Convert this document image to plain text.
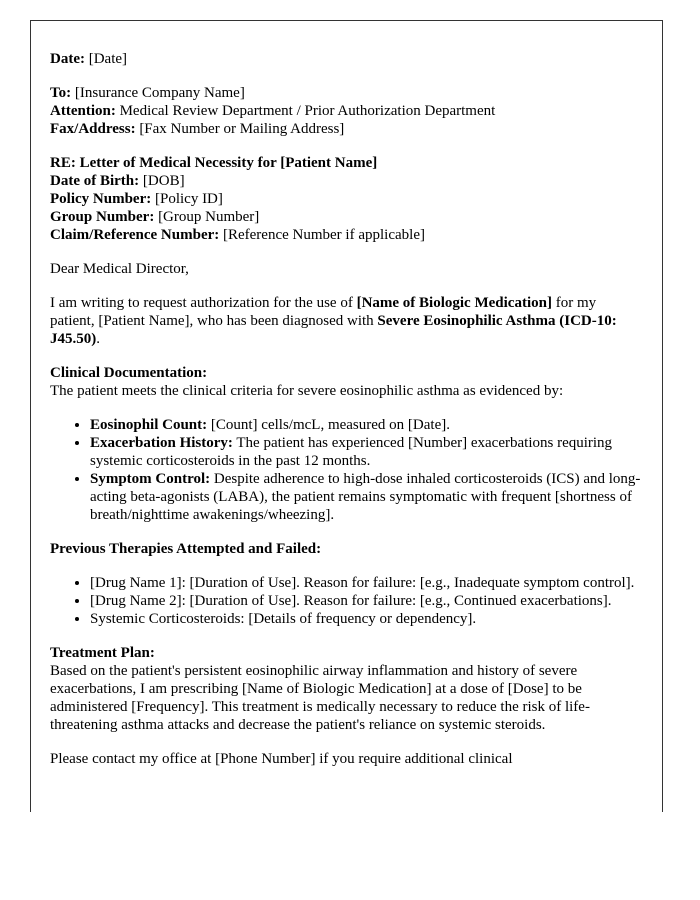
Date: [Date]

To: [Insurance Company Name]
Attention: Medical Review Department / Prior Authorization Department
Fax/Address: [Fax Number or Mailing Address]

RE: Letter of Medical Necessity for [Patient Name]
Date of Birth: [DOB]
Policy Number: [Policy ID]
Group Number: [Group Number]
Claim/Reference Number: [Reference Number if applicable]

Dear Medical Director,

I am writing to request authorization for the use of [Name of Biologic Medication] for my patient, [Patient Name], who has been diagnosed with Severe Eosinophilic Asthma (ICD-10: J45.50).

Clinical Documentation:
The patient meets the clinical criteria for severe eosinophilic asthma as evidenced by:

• Eosinophil Count: [Count] cells/mcL, measured on [Date].
• Exacerbation History: The patient has experienced [Number] exacerbations requiring systemic corticosteroids in the past 12 months.
• Symptom Control: Despite adherence to high-dose inhaled corticosteroids (ICS) and long-acting beta-agonists (LABA), the patient remains symptomatic with frequent [shortness of breath/nighttime awakenings/wheezing].

Previous Therapies Attempted and Failed:

• [Drug Name 1]: [Duration of Use]. Reason for failure: [e.g., Inadequate symptom control].
• [Drug Name 2]: [Duration of Use]. Reason for failure: [e.g., Continued exacerbations].
• Systemic Corticosteroids: [Details of frequency or dependency].

Treatment Plan:
Based on the patient's persistent eosinophilic airway inflammation and history of severe exacerbations, I am prescribing [Name of Biologic Medication] at a dose of [Dose] to be administered [Frequency]. This treatment is medically necessary to reduce the risk of life-threatening asthma attacks and decrease the patient's reliance on systemic steroids.

Please contact my office at [Phone Number] if you require additional clinical
